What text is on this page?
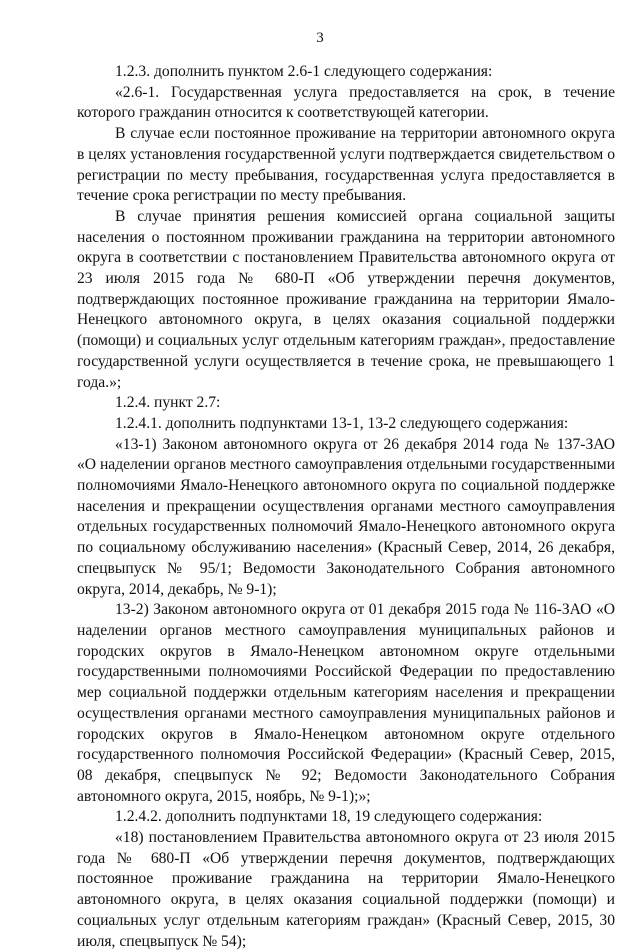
3

1.2.3. дополнить пунктом 2.6-1 следующего содержания:

«2.6-1. Государственная услуга предоставляется на срок, в течение которого гражданин относится к соответствующей категории.

В случае если постоянное проживание на территории автономного округа в целях установления государственной услуги подтверждается свидетельством о регистрации по месту пребывания, государственная услуга предоставляется в течение срока регистрации по месту пребывания.

В случае принятия решения комиссией органа социальной защиты населения о постоянном проживании гражданина на территории автономного округа в соответствии с постановлением Правительства автономного округа от 23 июля 2015 года № 680-П «Об утверждении перечня документов, подтверждающих постоянное проживание гражданина на территории Ямало-Ненецкого автономного округа, в целях оказания социальной поддержки (помощи) и социальных услуг отдельным категориям граждан», предоставление государственной услуги осуществляется в течение срока, не превышающего 1 года.»;

1.2.4. пункт 2.7:

1.2.4.1. дополнить подпунктами 13-1, 13-2 следующего содержания:

«13-1) Законом автономного округа от 26 декабря 2014 года № 137-ЗАО «О наделении органов местного самоуправления отдельными государственными полномочиями Ямало-Ненецкого автономного округа по социальной поддержке населения и прекращении осуществления органами местного самоуправления отдельных государственных полномочий Ямало-Ненецкого автономного округа по социальному обслуживанию населения» (Красный Север, 2014, 26 декабря, спецвыпуск № 95/1; Ведомости Законодательного Собрания автономного округа, 2014, декабрь, № 9-1);

13-2) Законом автономного округа от 01 декабря 2015 года № 116-ЗАО «О наделении органов местного самоуправления муниципальных районов и городских округов в Ямало-Ненецком автономном округе отдельными государственными полномочиями Российской Федерации по предоставлению мер социальной поддержки отдельным категориям населения и прекращении осуществления органами местного самоуправления муниципальных районов и городских округов в Ямало-Ненецком автономном округе отдельного государственного полномочия Российской Федерации» (Красный Север, 2015, 08 декабря, спецвыпуск № 92; Ведомости Законодательного Собрания автономного округа, 2015, ноябрь, № 9-1);»;

1.2.4.2. дополнить подпунктами 18, 19 следующего содержания:

«18) постановлением Правительства автономного округа от 23 июля 2015 года № 680-П «Об утверждении перечня документов, подтверждающих постоянное проживание гражданина на территории Ямало-Ненецкого автономного округа, в целях оказания социальной поддержки (помощи) и социальных услуг отдельным категориям граждан» (Красный Север, 2015, 30 июля, спецвыпуск № 54);
